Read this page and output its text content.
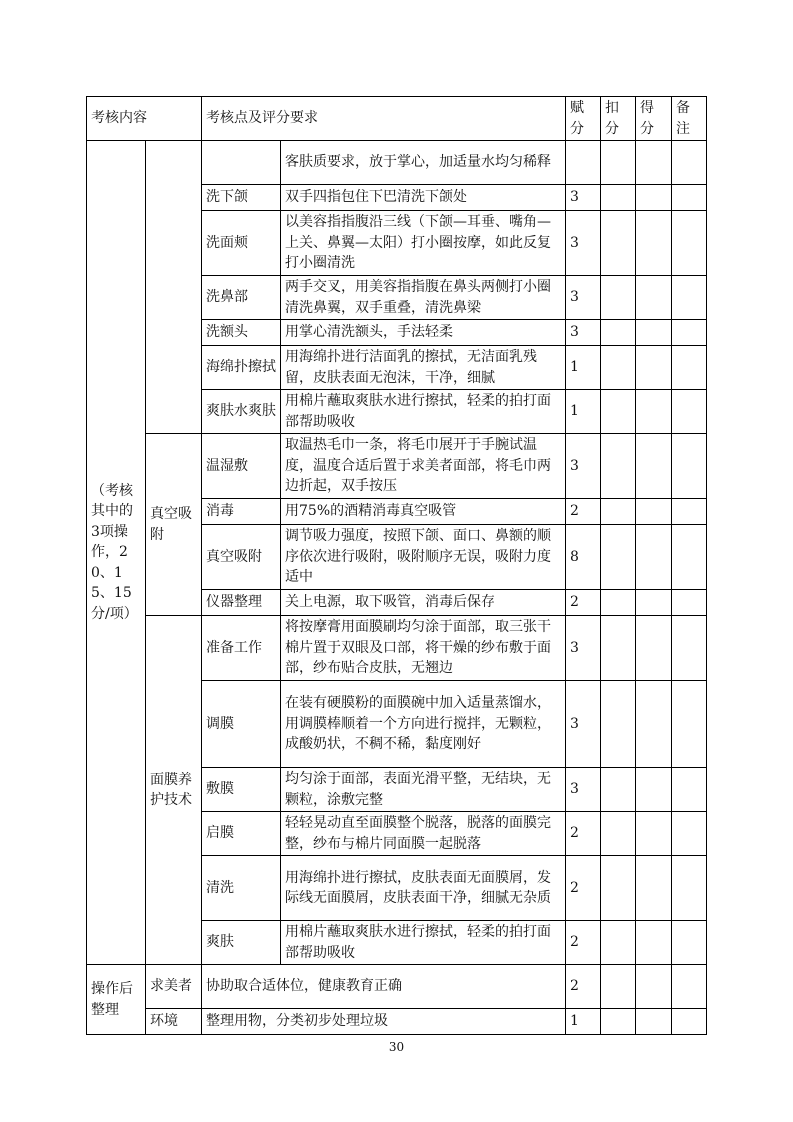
考核内容		考核点及评分要求		赋分	扣分	得分	备注
（考核其中的3项操作，20、15、15分/项）			客肤质要求，放于掌心，加适量水均匀稀释				
		洗下颌	双手四指包住下巴清洗下颌处	3			
		洗面颊	以美容指指腹沿三线（下颌—耳垂、嘴角—上关、鼻翼—太阳）打小圈按摩，如此反复打小圈清洗	3			
		洗鼻部	两手交叉，用美容指指腹在鼻头两侧打小圈清洗鼻翼，双手重叠，清洗鼻梁	3			
		洗额头	用掌心清洗额头，手法轻柔	3			
		海绵扑擦拭	用海绵扑进行洁面乳的擦拭，无洁面乳残留，皮肤表面无泡沫，干净，细腻	1			
		爽肤水爽肤	用棉片蘸取爽肤水进行擦拭，轻柔的拍打面部帮助吸收	1			
	真空吸附	温湿敷	取温热毛巾一条，将毛巾展开于手腕试温度，温度合适后置于求美者面部，将毛巾两边折起，双手按压	3			
		消毒	用75%的酒精消毒真空吸管	2			
		真空吸附	调节吸力强度，按照下颌、面口、鼻额的顺序依次进行吸附，吸附顺序无误，吸附力度适中	8			
		仪器整理	关上电源，取下吸管，消毒后保存	2			
	面膜养护技术	准备工作	将按摩膏用面膜刷均匀涂于面部，取三张干棉片置于双眼及口部，将干燥的纱布敷于面部，纱布贴合皮肤，无翘边	3			
		调膜	在装有硬膜粉的面膜碗中加入适量蒸馏水，用调膜棒顺着一个方向进行搅拌，无颗粒，成酸奶状，不稠不稀，黏度刚好	3			
		敷膜	均匀涂于面部，表面光滑平整，无结块，无颗粒，涂敷完整	3			
		启膜	轻轻晃动直至面膜整个脱落，脱落的面膜完整，纱布与棉片同面膜一起脱落	2			
		清洗	用海绵扑进行擦拭，皮肤表面无面膜屑，发际线无面膜屑，皮肤表面干净，细腻无杂质	2			
		爽肤	用棉片蘸取爽肤水进行擦拭，轻柔的拍打面部帮助吸收	2			
操作后整理	求美者	协助取合适体位，健康教育正确		2			
	环境	整理用物，分类初步处理垃圾		1			
30
